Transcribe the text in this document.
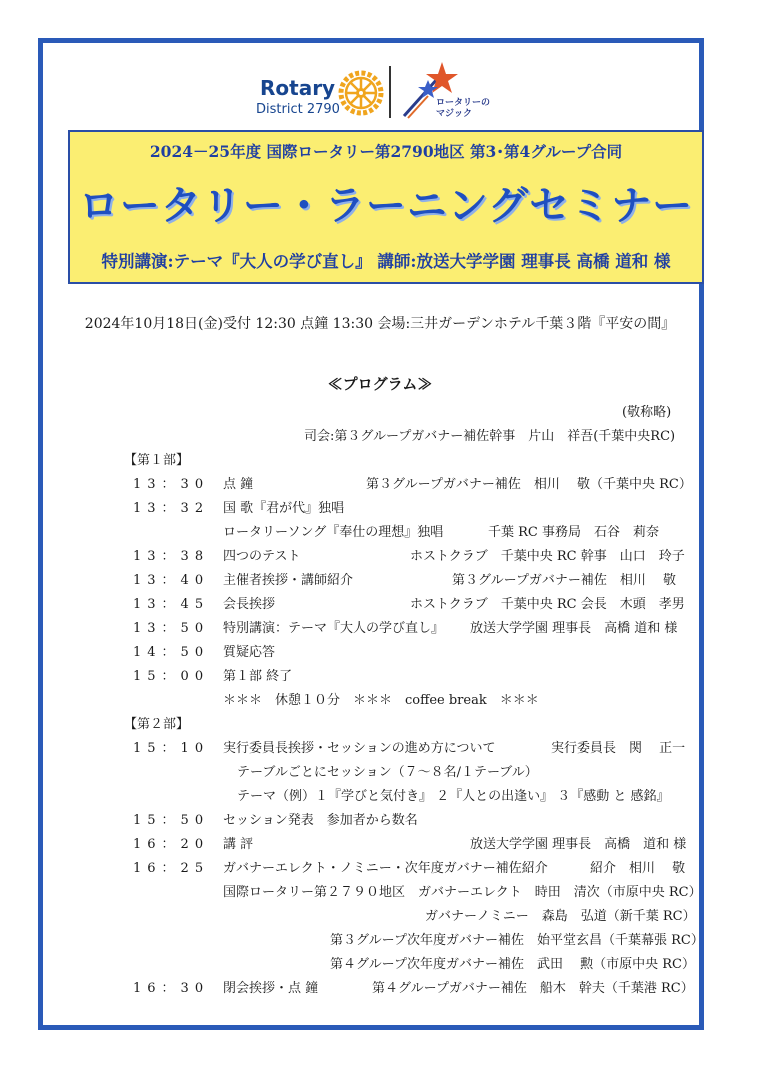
Rotary
District 2790	ロータリーの
マジック
2024－25年度 国際ロータリー第2790地区 第3･第4グループ合同
ロータリー・ラーニングセミナー
特別講演:テーマ『大人の学び直し』 講師:放送大学学園 理事長 高橋 道和 様
2024年10月18日(金)受付 12:30 点鐘 13:30 会場:三井ガーデンホテル千葉３階『平安の間』
≪プログラム≫
(敬称略)
司会:第３グループガバナー補佐幹事　片山　祥吾(千葉中央RC)
【第１部】
13：30 点 鐘	第３グループガバナー補佐　相川　 敬（千葉中央 RC）
13：32 国 歌『君が代』独唱
ロータリーソング『奉仕の理想』独唱	千葉 RC 事務局　石谷　莉奈
13：38 四つのテスト	ホストクラブ　千葉中央 RC 幹事　山口　玲子
13：40 主催者挨拶・講師紹介	第３グループガバナー補佐　相川　 敬
13：45 会長挨拶	ホストクラブ　千葉中央 RC 会長　木頭　孝男
13：50 特別講演：テーマ『大人の学び直し』 放送大学学園 理事長　高橋 道和 様
14：50 質疑応答
15：00 第１部 終了
＊＊＊　休憩１０分　＊＊＊　coffee break　＊＊＊
【第２部】
15：10 実行委員長挨拶・セッションの進め方について	実行委員長　関　 正一
テーブルごとにセッション（７～８名/１テーブル）
テーマ（例）１『学びと気付き』 ２『人との出逢い』 ３『感動 と 感銘』
15：50 セッション発表　参加者から数名
16：20 講 評	放送大学学園 理事長　高橋　道和 様
16：25 ガバナーエレクト・ノミニー・次年度ガバナー補佐紹介	紹介　相川　 敬
国際ロータリー第２７９０地区　ガバナーエレクト　時田　清次（市原中央 RC）
ガバナーノミニー　森島　弘道（新千葉 RC）
第３グループ次年度ガバナー補佐　始平堂玄昌（千葉幕張 RC）
第４グループ次年度ガバナー補佐　武田　 勲（市原中央 RC）
16：30 閉会挨拶・点 鐘	第４グループガバナー補佐　船木　幹夫（千葉港 RC）
